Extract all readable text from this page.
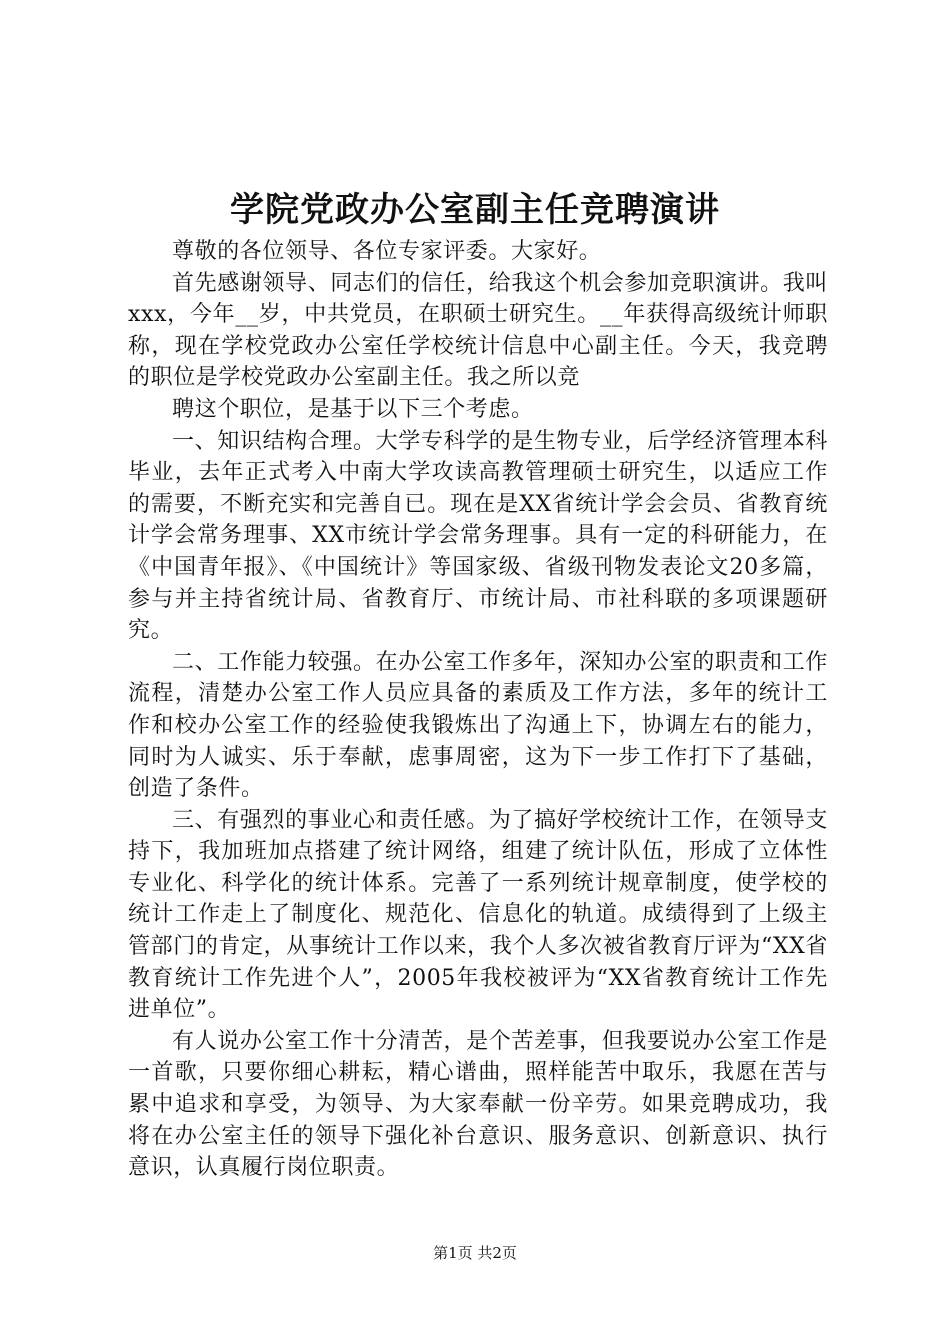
学院党政办公室副主任竞聘演讲

尊敬的各位领导、各位专家评委。大家好。

首先感谢领导、同志们的信任，给我这个机会参加竞职演讲。我叫xxx，今年__岁，中共党员，在职硕士研究生。__年获得高级统计师职称，现在学校党政办公室任学校统计信息中心副主任。今天，我竞聘的职位是学校党政办公室副主任。我之所以竞

聘这个职位，是基于以下三个考虑。

一、知识结构合理。大学专科学的是生物专业，后学经济管理本科毕业，去年正式考入中南大学攻读高教管理硕士研究生，以适应工作的需要，不断充实和完善自已。现在是XX省统计学会会员、省教育统计学会常务理事、XX市统计学会常务理事。具有一定的科研能力，在《中国青年报》、《中国统计》等国家级、省级刊物发表论文20多篇，参与并主持省统计局、省教育厅、市统计局、市社科联的多项课题研究。

二、工作能力较强。在办公室工作多年，深知办公室的职责和工作流程，清楚办公室工作人员应具备的素质及工作方法，多年的统计工作和校办公室工作的经验使我锻炼出了沟通上下，协调左右的能力，同时为人诚实、乐于奉献，虑事周密，这为下一步工作打下了基础，创造了条件。

三、有强烈的事业心和责任感。为了搞好学校统计工作，在领导支持下，我加班加点搭建了统计网络，组建了统计队伍，形成了立体性专业化、科学化的统计体系。完善了一系列统计规章制度，使学校的统计工作走上了制度化、规范化、信息化的轨道。成绩得到了上级主管部门的肯定，从事统计工作以来，我个人多次被省教育厅评为“XX省教育统计工作先进个人”，2005年我校被评为“XX省教育统计工作先进单位”。

有人说办公室工作十分清苦，是个苦差事，但我要说办公室工作是一首歌，只要你细心耕耘，精心谱曲，照样能苦中取乐，我愿在苦与累中追求和享受，为领导、为大家奉献一份辛劳。如果竞聘成功，我将在办公室主任的领导下强化补台意识、服务意识、创新意识、执行意识，认真履行岗位职责。

第1页 共2页
